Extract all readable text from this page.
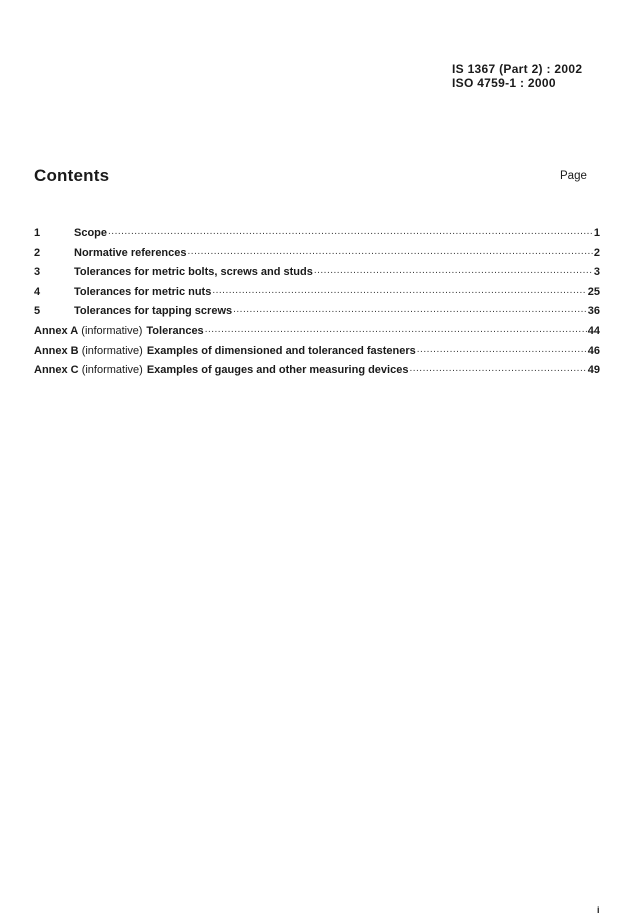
IS 1367 (Part 2) : 2002
ISO 4759-1 : 2000
Contents	Page
1	Scope .....	1
2	Normative references .....	2
3	Tolerances for metric bolts, screws and studs .....	3
4	Tolerances for metric nuts .....	25
5	Tolerances for tapping screws .....	36
Annex A (informative) Tolerances .....	44
Annex B (informative) Examples of dimensioned and toleranced fasteners .....	46
Annex C (informative) Examples of gauges and other measuring devices .....	49
i
